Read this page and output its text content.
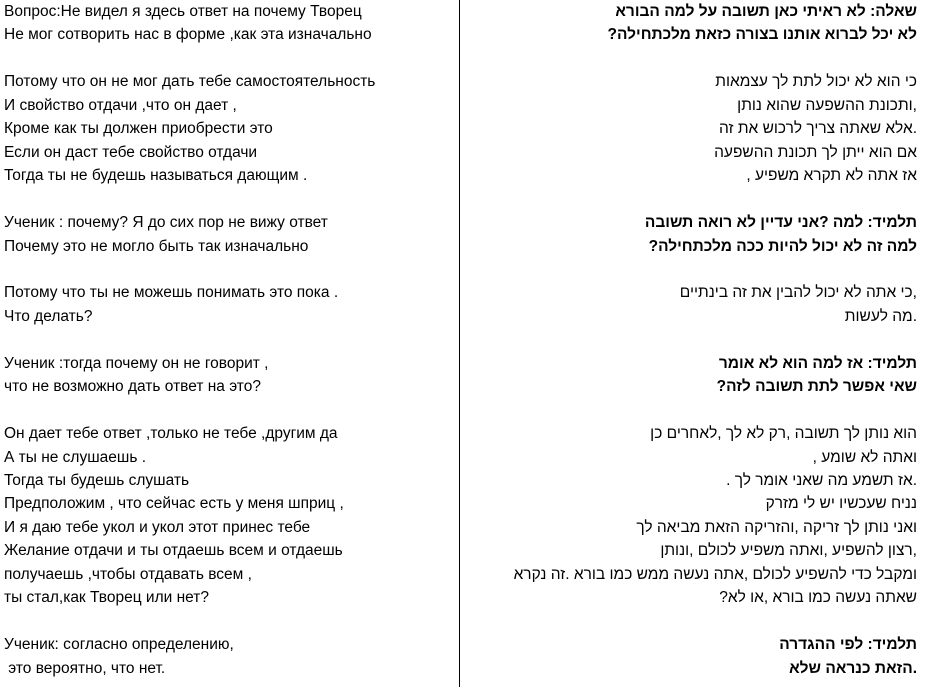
Вопрос:Не видел я здесь ответ на почему Творец
Не мог сотворить нас в форме ,как эта изначально
Потому что он не мог дать тебе самостоятельность
И свойство отдачи ,что он дает ,
Кроме как ты должен приобрести это
Если он даст тебе свойство отдачи
Тогда ты не будешь называться дающим .
Ученик : почему? Я до сих пор не вижу ответ
Почему это не могло быть так изначально
Потому что ты не можешь понимать это пока .
Что делать?
Ученик :тогда почему он не говорит ,
что не возможно дать ответ на это?
Он дает тебе ответ ,только не тебе ,другим да
А ты не слушаешь .
Тогда ты будешь слушать
Предположим , что сейчас есть у меня шприц ,
И я даю тебе укол и укол этот принес тебе
Желание отдачи и ты отдаешь всем и отдаешь
получаешь ,чтобы отдавать всем ,
ты стал,как Творец или нет?
Ученик: согласно определению,
это вероятно, что нет.
שאלה: לא ראיתי כאן תשובה על למה הבורא
לא יכל לברוא אותנו בצורה כזאת מלכתחילה?
כי הוא לא יכול לתת לך עצמאות
,ותכונת ההשפעה שהוא נותן
.אלא שאתה צריך לרכוש את זה
אם הוא ייתן לך תכונת ההשפעה
אז אתה לא תקרא משפיע ,
תלמיד: למה ?אני עדיין לא רואה תשובה
למה זה לא יכול להיות ככה מלכתחילה?
,כי אתה לא יכול להבין את זה בינתיים
.מה לעשות
תלמיד: אז למה הוא לא אומר
שאי אפשר לתת תשובה לזה?
הוא נותן לך תשובה ,רק לא לך ,לאחרים כן
ואתה לא שומע ,
.אז תשמע מה שאני אומר לך .
נניח שעכשיו יש לי מזרק
ואני נותן לך זריקה ,והזריקה הזאת מביאה לך
,רצון להשפיע ,ואתה משפיע לכולם ,ונותן
ומקבל כדי להשפיע לכולם ,אתה נעשה ממש כמו בורא .זה נקרא
שאתה נעשה כמו בורא ,או לא?
תלמיד: לפי ההגדרה
.הזאת כנראה שלא
